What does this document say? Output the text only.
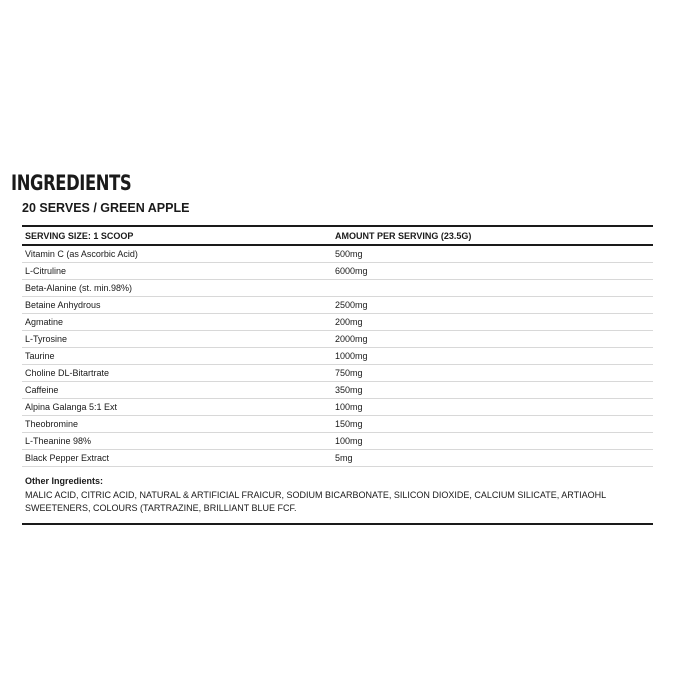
INGREDIENTS
20 SERVES / GREEN APPLE
SERVING SIZE: 1 SCOOP	AMOUNT PER SERVING (23.5G)
Vitamin C (as Ascorbic Acid)	500mg
L-Citruline	6000mg
Beta-Alanine (st. min.98%)
Betaine Anhydrous	2500mg
Agmatine	200mg
L-Tyrosine	2000mg
Taurine	1000mg
Choline DL-Bitartrate	750mg
Caffeine	350mg
Alpina Galanga 5:1 Ext	100mg
Theobromine	150mg
L-Theanine 98%	100mg
Black Pepper Extract	5mg
Other Ingredients:
MALIC ACID, CITRIC ACID, NATURAL & ARTIFICIAL FRAICUR, SODIUM BICARBONATE, SILICON DIOXIDE, CALCIUM SILICATE, ARTIAOHL SWEETENERS, COLOURS (TARTRAZINE, BRILLIANT BLUE FCF.
